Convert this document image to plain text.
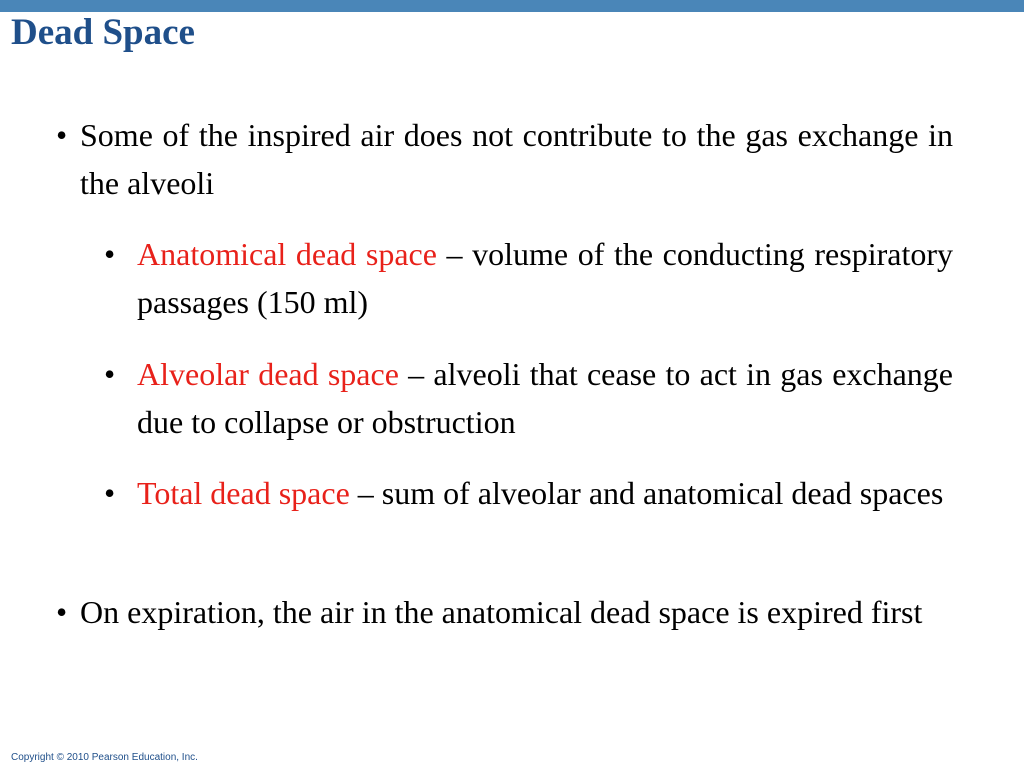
Dead Space
• Some of the inspired air does not contribute to the gas exchange in the alveoli
• Anatomical dead space – volume of the conducting respiratory passages (150 ml)
• Alveolar dead space – alveoli that cease to act in gas exchange due to collapse or obstruction
• Total dead space – sum of alveolar and anatomical dead spaces
• On expiration, the air in the anatomical dead space is expired first

Copyright © 2010 Pearson Education, Inc.
